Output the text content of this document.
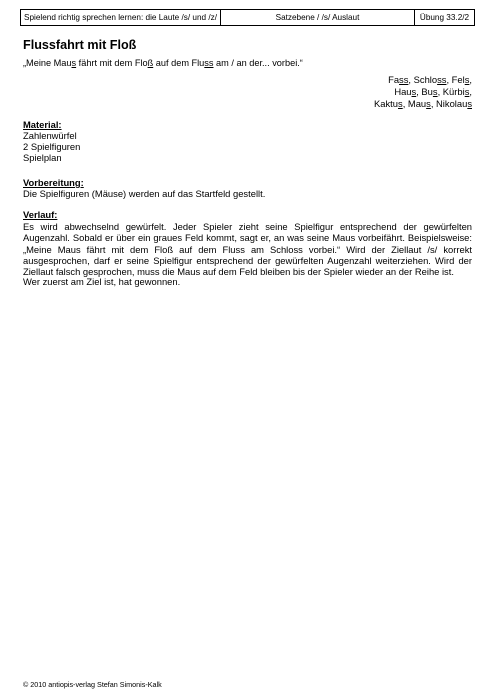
Spielend richtig sprechen lernen: die Laute /s/ und /z/	Satzebene / /s/ Auslaut	Übung 33.2/2
Flussfahrt mit Floß
„Meine Maus fährt mit dem Floß auf dem Fluss am / an der... vorbei.“
Fass, Schloss, Fels,
Haus, Bus, Kürbis,
Kaktus, Maus, Nikolaus
Material:
Zahlenwürfel
2 Spielfiguren
Spielplan
Vorbereitung:
Die Spielfiguren (Mäuse) werden auf das Startfeld gestellt.
Verlauf:
Es wird abwechselnd gewürfelt. Jeder Spieler zieht seine Spielfigur entsprechend der gewürfelten Augenzahl. Sobald er über ein graues Feld kommt, sagt er, an was seine Maus vorbeifährt. Beispielsweise: „Meine Maus fährt mit dem Floß auf dem Fluss am Schloss vorbei.“ Wird der Ziellaut /s/ korrekt ausgesprochen, darf er seine Spielfigur entsprechend der gewürfelten Augenzahl weiterziehen. Wird der Ziellaut falsch gesprochen, muss die Maus auf dem Feld bleiben bis der Spieler wieder an der Reihe ist.
Wer zuerst am Ziel ist, hat gewonnen.
© 2010 antiopis-verlag Stefan Simonis-Kalk
